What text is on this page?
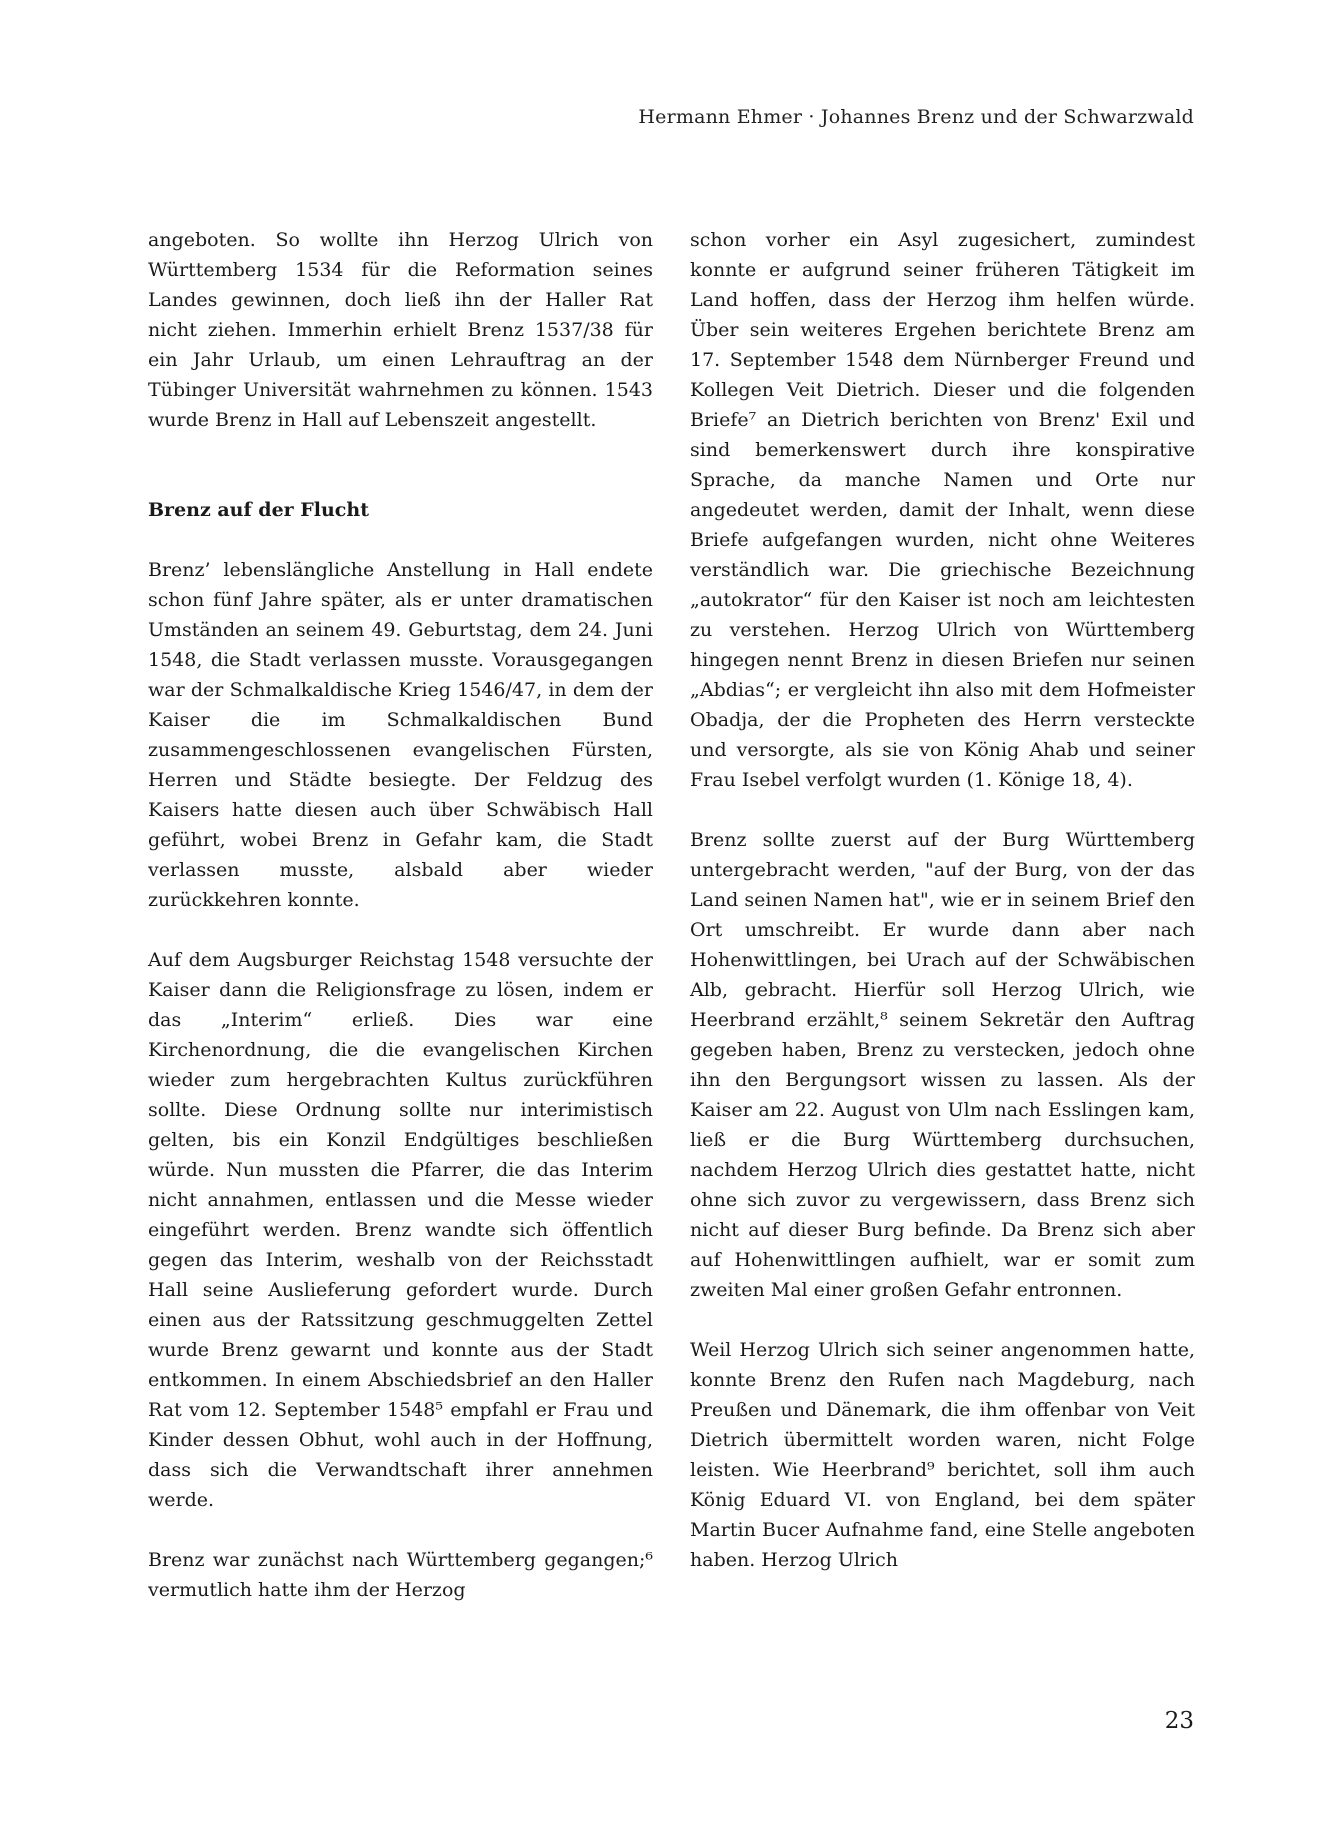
Hermann Ehmer · Johannes Brenz und der Schwarzwald

angeboten. So wollte ihn Herzog Ulrich von Württemberg 1534 für die Reformation seines Landes gewinnen, doch ließ ihn der Haller Rat nicht ziehen. Immerhin erhielt Brenz 1537/38 für ein Jahr Urlaub, um einen Lehrauftrag an der Tübinger Universität wahrnehmen zu können. 1543 wurde Brenz in Hall auf Lebenszeit angestellt.

Brenz auf der Flucht

Brenz’ lebenslängliche Anstellung in Hall endete schon fünf Jahre später, als er unter dramatischen Umständen an seinem 49. Geburtstag, dem 24. Juni 1548, die Stadt verlassen musste. Vorausgegangen war der Schmalkaldische Krieg 1546/47, in dem der Kaiser die im Schmalkaldischen Bund zusammengeschlossenen evangelischen Fürsten, Herren und Städte besiegte. Der Feldzug des Kaisers hatte diesen auch über Schwäbisch Hall geführt, wobei Brenz in Gefahr kam, die Stadt verlassen musste, alsbald aber wieder zurückkehren konnte.

Auf dem Augsburger Reichstag 1548 versuchte der Kaiser dann die Religionsfrage zu lösen, indem er das „Interim“ erließ. Dies war eine Kirchenordnung, die die evangelischen Kirchen wieder zum hergebrachten Kultus zurückführen sollte. Diese Ordnung sollte nur interimistisch gelten, bis ein Konzil Endgültiges beschließen würde. Nun mussten die Pfarrer, die das Interim nicht annahmen, entlassen und die Messe wieder eingeführt werden. Brenz wandte sich öffentlich gegen das Interim, weshalb von der Reichsstadt Hall seine Auslieferung gefordert wurde. Durch einen aus der Ratssitzung geschmuggelten Zettel wurde Brenz gewarnt und konnte aus der Stadt entkommen. In einem Abschiedsbrief an den Haller Rat vom 12. September 1548⁵ empfahl er Frau und Kinder dessen Obhut, wohl auch in der Hoffnung, dass sich die Verwandtschaft ihrer annehmen werde.

Brenz war zunächst nach Württemberg gegangen;⁶ vermutlich hatte ihm der Herzog

schon vorher ein Asyl zugesichert, zumindest konnte er aufgrund seiner früheren Tätigkeit im Land hoffen, dass der Herzog ihm helfen würde. Über sein weiteres Ergehen berichtete Brenz am 17. September 1548 dem Nürnberger Freund und Kollegen Veit Dietrich. Dieser und die folgenden Briefe⁷ an Dietrich berichten von Brenz' Exil und sind bemerkenswert durch ihre konspirative Sprache, da manche Namen und Orte nur angedeutet werden, damit der Inhalt, wenn diese Briefe aufgefangen wurden, nicht ohne Weiteres verständlich war. Die griechische Bezeichnung „autokrator“ für den Kaiser ist noch am leichtesten zu verstehen. Herzog Ulrich von Württemberg hingegen nennt Brenz in diesen Briefen nur seinen „Abdias“; er vergleicht ihn also mit dem Hofmeister Obadja, der die Propheten des Herrn versteckte und versorgte, als sie von König Ahab und seiner Frau Isebel verfolgt wurden (1. Könige 18, 4).

Brenz sollte zuerst auf der Burg Württemberg untergebracht werden, "auf der Burg, von der das Land seinen Namen hat", wie er in seinem Brief den Ort umschreibt. Er wurde dann aber nach Hohenwittlingen, bei Urach auf der Schwäbischen Alb, gebracht. Hierfür soll Herzog Ulrich, wie Heerbrand erzählt,⁸ seinem Sekretär den Auftrag gegeben haben, Brenz zu verstecken, jedoch ohne ihn den Bergungsort wissen zu lassen. Als der Kaiser am 22. August von Ulm nach Esslingen kam, ließ er die Burg Württemberg durchsuchen, nachdem Herzog Ulrich dies gestattet hatte, nicht ohne sich zuvor zu vergewissern, dass Brenz sich nicht auf dieser Burg befinde. Da Brenz sich aber auf Hohenwittlingen aufhielt, war er somit zum zweiten Mal einer großen Gefahr entronnen.

Weil Herzog Ulrich sich seiner angenommen hatte, konnte Brenz den Rufen nach Magdeburg, nach Preußen und Dänemark, die ihm offenbar von Veit Dietrich übermittelt worden waren, nicht Folge leisten. Wie Heerbrand⁹ berichtet, soll ihm auch König Eduard VI. von England, bei dem später Martin Bucer Aufnahme fand, eine Stelle angeboten haben. Herzog Ulrich

23
